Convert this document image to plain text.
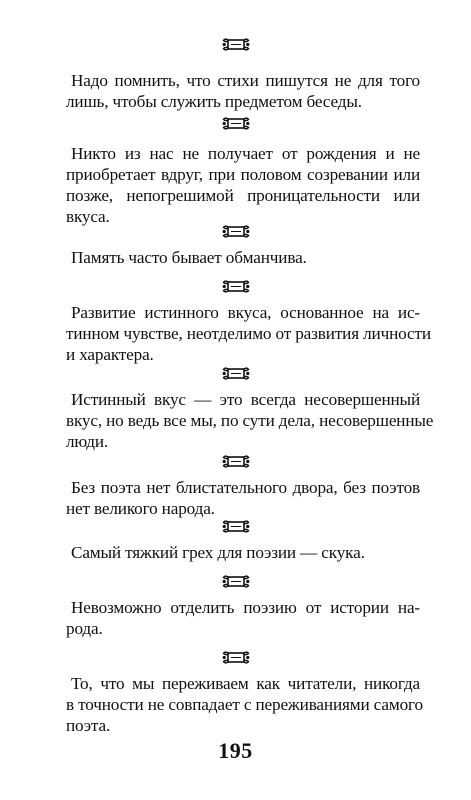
Надо помнить, что стихи пишутся не для того
лишь, чтобы служить предметом беседы.
Никто из нас не получает от рождения и не
приобретает вдруг, при половом созревании или
позже, непогрешимой проницательности или
вкуса.
Память часто бывает обманчива.
Развитие истинного вкуса, основанное на ис-
тинном чувстве, неотделимо от развития личности
и характера.
Истинный вкус — это всегда несовершенный
вкус, но ведь все мы, по сути дела, несовершенные
люди.
Без поэта нет блистательного двора, без поэтов
нет великого народа.
Самый тяжкий грех для поэзии — скука.
Невозможно отделить поэзию от истории на-
рода.
То, что мы переживаем как читатели, никогда
в точности не совпадает с переживаниями самого
поэта.
195
